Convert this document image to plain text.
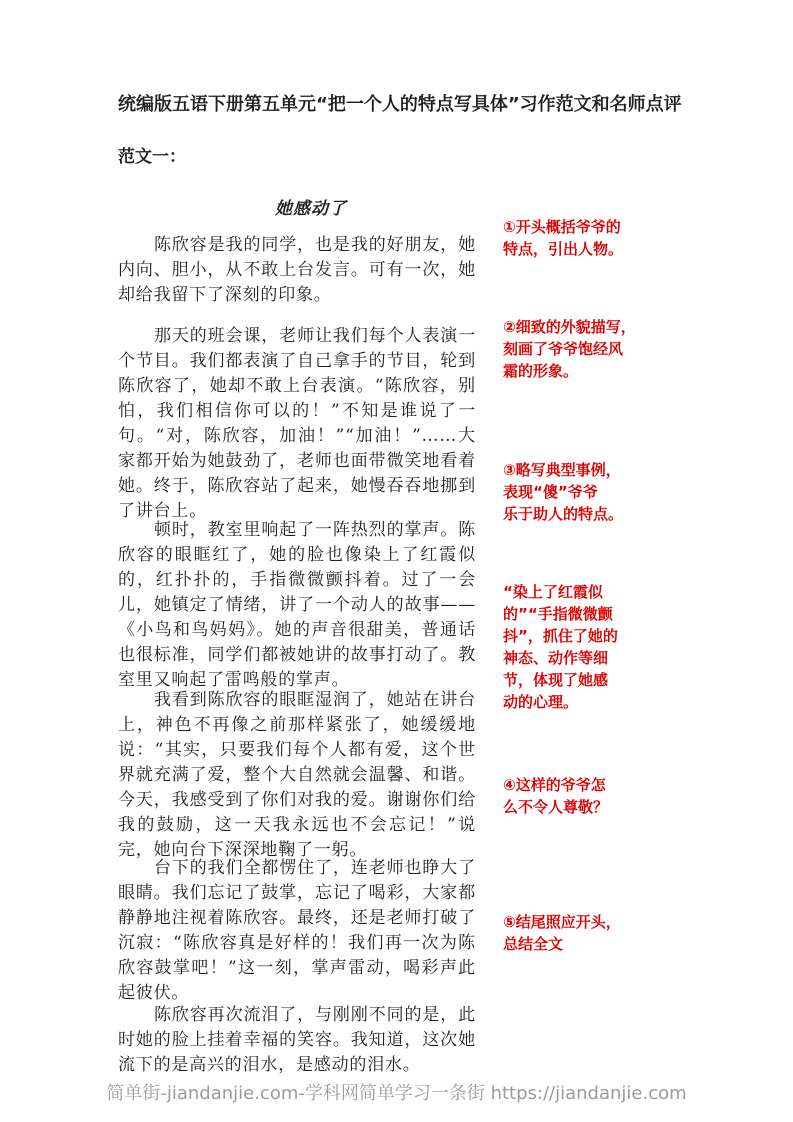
统编版五语下册第五单元“把一个人的特点写具体”习作范文和名师点评
范文一：
她感动了

陈欣容是我的同学，也是我的好朋友，她内向、胆小，从不敢上台发言。可有一次，她却给我留下了深刻的印象。

那天的班会课，老师让我们每个人表演一个节目。我们都表演了自己拿手的节目，轮到陈欣容了，她却不敢上台表演。“陈欣容，别怕，我们相信你可以的！”不知是谁说了一句。“对，陈欣容，加油！”“加油！”……大家都开始为她鼓劲了，老师也面带微笑地看着她。终于，陈欣容站了起来，她慢吞吞地挪到了讲台上。

顿时，教室里响起了一阵热烈的掌声。陈欣容的眼眶红了，她的脸也像染上了红霞似的，红扑扑的，手指微微颤抖着。过了一会儿，她镇定了情绪，讲了一个动人的故事——《小鸟和鸟妈妈》。她的声音很甜美，普通话也很标准，同学们都被她讲的故事打动了。教室里又响起了雷鸣般的掌声。

我看到陈欣容的眼眶湿润了，她站在讲台上，神色不再像之前那样紧张了，她缓缓地说：“其实，只要我们每个人都有爱，这个世界就充满了爱，整个大自然就会温馨、和谐。今天，我感受到了你们对我的爱。谢谢你们给我的鼓励，这一天我永远也不会忘记！”说完，她向台下深深地鞠了一躬。

台下的我们全都愣住了，连老师也睁大了眼睛。我们忘记了鼓掌，忘记了喝彩，大家都静静地注视着陈欣容。最终，还是老师打破了沉寂：“陈欣容真是好样的！我们再一次为陈欣容鼓掌吧！”这一刻，掌声雷动，喝彩声此起彼伏。

陈欣容再次流泪了，与刚刚不同的是，此时她的脸上挂着幸福的笑容。我知道，这次她流下的是高兴的泪水，是感动的泪水。

①开头概括爷爷的
特点，引出人物。
②细致的外貌描写，
刻画了爷爷饱经风
霜的形象。
③略写典型事例，
表现“傻”爷爷
乐于助人的特点。
“染上了红霞似
的”“手指微微颤
抖”，抓住了她的
神态、动作等细
节，体现了她感
动的心理。
④这样的爷爷怎
么不令人尊敬？
⑤结尾照应开头，
总结全文
简单街-jiandanjie.com-学科网简单学习一条街 https://jiandanjie.com
